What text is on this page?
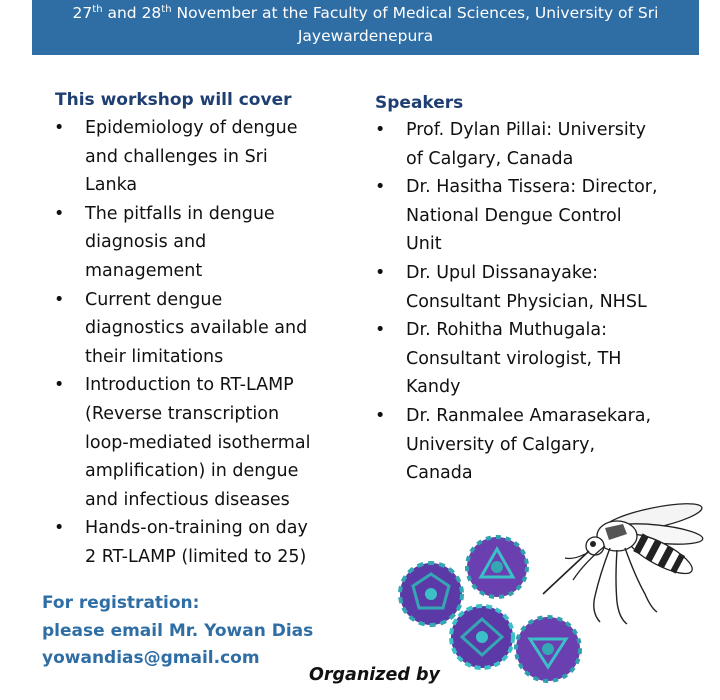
27th and 28th November at the Faculty of Medical Sciences, University of Sri
Jayewardenepura
This workshop will cover
• Epidemiology of dengue
and challenges in Sri
Lanka
• The pitfalls in dengue
diagnosis and
management
• Current dengue
diagnostics available and
their limitations
• Introduction to RT-LAMP
(Reverse transcription
loop-mediated isothermal
amplification) in dengue
and infectious diseases
• Hands-on-training on day
2 RT-LAMP (limited to 25)
Speakers
• Prof. Dylan Pillai: University
of Calgary, Canada
• Dr. Hasitha Tissera: Director,
National Dengue Control
Unit
• Dr. Upul Dissanayake:
Consultant Physician, NHSL
• Dr. Rohitha Muthugala:
Consultant virologist, TH
Kandy
• Dr. Ranmalee Amarasekara,
University of Calgary,
Canada
For registration:
please email Mr. Yowan Dias
yowandias@gmail.com
Organized by
